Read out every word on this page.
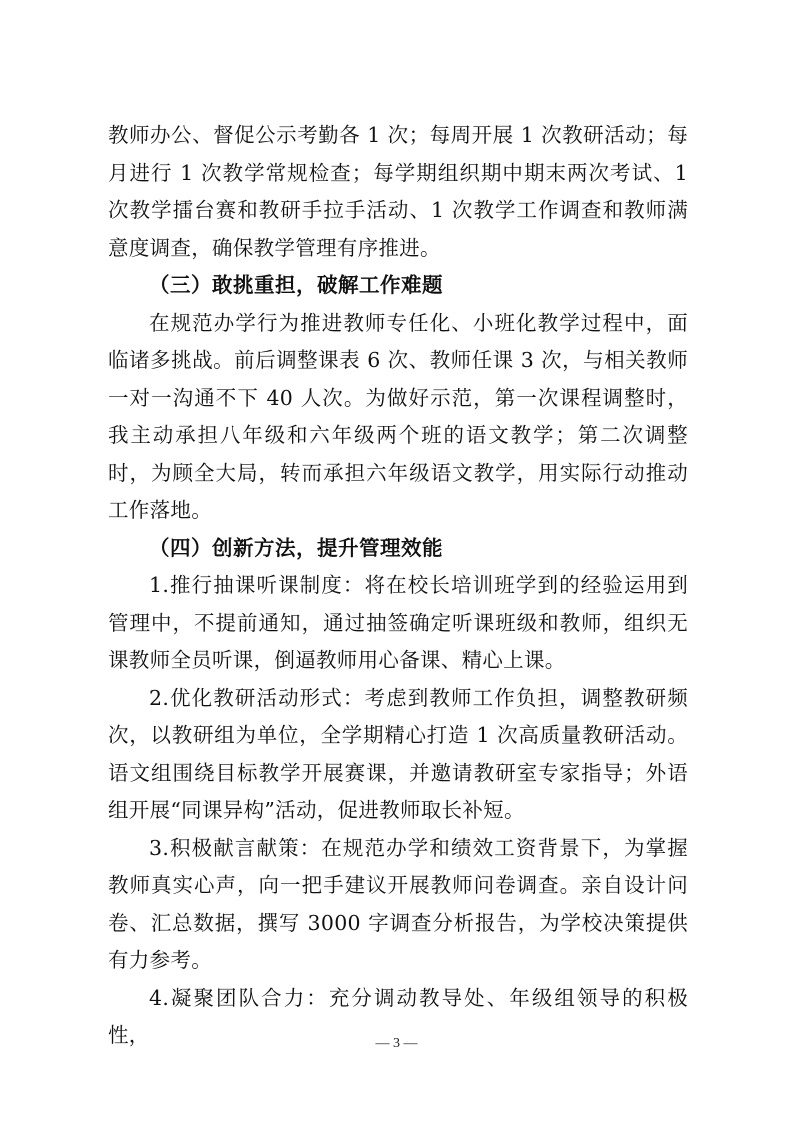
教师办公、督促公示考勤各 1 次；每周开展 1 次教研活动；每月进行 1 次教学常规检查；每学期组织期中期末两次考试、1 次教学擂台赛和教研手拉手活动、1 次教学工作调查和教师满意度调查，确保教学管理有序推进。

（三）敢挑重担，破解工作难题

在规范办学行为推进教师专任化、小班化教学过程中，面临诸多挑战。前后调整课表 6 次、教师任课 3 次，与相关教师一对一沟通不下 40 人次。为做好示范，第一次课程调整时，我主动承担八年级和六年级两个班的语文教学；第二次调整时，为顾全大局，转而承担六年级语文教学，用实际行动推动工作落地。

（四）创新方法，提升管理效能

1.推行抽课听课制度：将在校长培训班学到的经验运用到管理中，不提前通知，通过抽签确定听课班级和教师，组织无课教师全员听课，倒逼教师用心备课、精心上课。

2.优化教研活动形式：考虑到教师工作负担，调整教研频次，以教研组为单位，全学期精心打造 1 次高质量教研活动。语文组围绕目标教学开展赛课，并邀请教研室专家指导；外语组开展“同课异构”活动，促进教师取长补短。

3.积极献言献策：在规范办学和绩效工资背景下，为掌握教师真实心声，向一把手建议开展教师问卷调查。亲自设计问卷、汇总数据，撰写 3000 字调查分析报告，为学校决策提供有力参考。

4.凝聚团队合力：充分调动教导处、年级组领导的积极性，	— 3 —
